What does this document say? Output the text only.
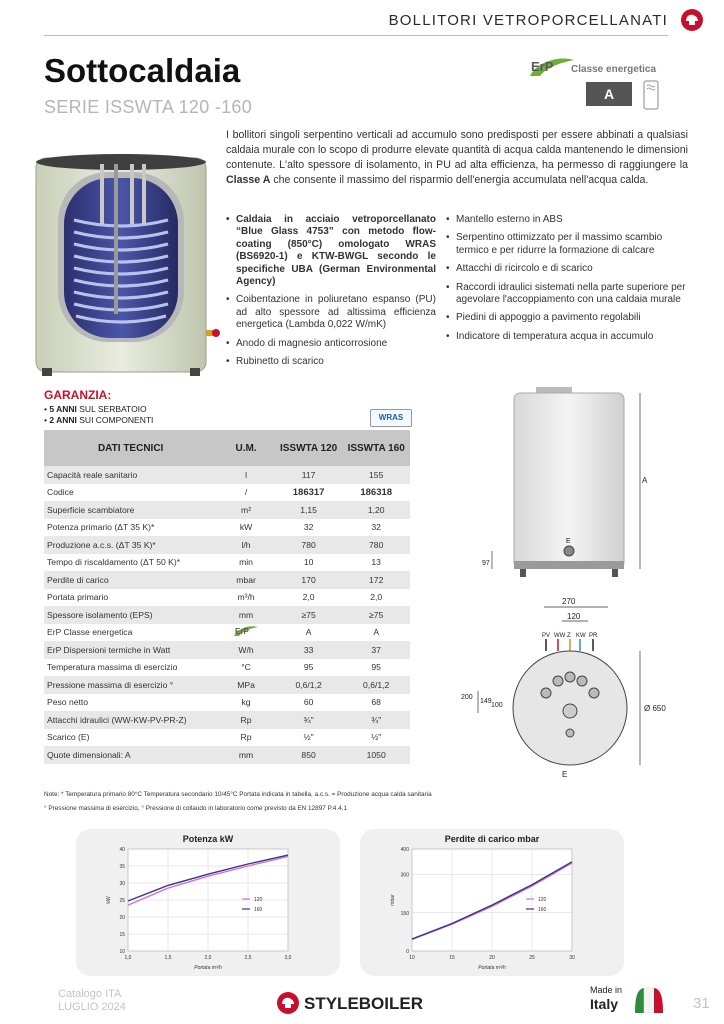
BOLLITORI VETROPORCELLANATI
Sottocaldaia
SERIE ISSWTA 120 -160
ErP Classe energetica
A
I bollitori singoli serpentino verticali ad accumulo sono predisposti per essere abbinati a qualsiasi caldaia murale con lo scopo di produrre elevate quantità di acqua calda mantenendo le dimensioni contenute. L'alto spessore di isolamento, in PU ad alta efficienza, ha permesso di raggiungere la Classe A che consente il massimo del risparmio dell'energia accumulata nell'acqua calda.
• Caldaia in acciaio vetroporcellanato “Blue Glass 4753” con metodo flow-coating (850°C) omologato WRAS (BS6920-1) e KTW-BWGL secondo le specifiche UBA (German Environmental Agency)
• Coibentazione in poliuretano espanso (PU) ad alto spessore ad altissima efficienza energetica (Lambda 0,022 W/mK)
• Anodo di magnesio anticorrosione
• Rubinetto di scarico
• Mantello esterno in ABS
• Serpentino ottimizzato per il massimo scambio termico e per ridurre la formazione di calcare
• Attacchi di ricircolo e di scarico
• Raccordi idraulici sistemati nella parte superiore per agevolare l'accoppiamento con una caldaia murale
• Piedini di appoggio a pavimento regolabili
• Indicatore di temperatura acqua in accumulo
GARANZIA:
• 5 ANNI SUL SERBATOIO
• 2 ANNI SUI COMPONENTI	WRAS
DATI TECNICI	U.M.	ISSWTA 120	ISSWTA 160
Capacità reale sanitario	l	117	155
Codice	/	186317	186318
Superficie scambiatore	m²	1,15	1,20
Potenza primario (ΔT 35 K)*	kW	32	32
Produzione a.c.s. (ΔT 35 K)*	l/h	780	780
Tempo di riscaldamento (ΔT 50 K)*	min	10	13
Perdite di carico	mbar	170	172
Portata primario	m³/h	2,0	2,0
Spessore isolamento (EPS)	mm	≥75	≥75
ErP Classe energetica	ErP	A	A
ErP Dispersioni termiche in Watt	W/h	33	37
Temperatura massima di esercizio	°C	95	95
Pressione massima di esercizio °	MPa	0,6/1,2	0,6/1,2
Peso netto	kg	60	68
Attacchi idraulici (WW-KW-PV-PR-Z)	Rp	¾"	¾"
Scarico (E)	Rp	½"	½"
Quote dimensionali: A	mm	850	1050
Note: * Temperatura primario 80°C Temperatura secondario 10/45°C Portata indicata in tabella, a.c.s. = Produzione acqua calda sanitaria
° Pressione massima di esercizio, ° Pressione di collaudo in laboratorio come previsto da EN 12897 P.4.4.1
E
A
97
270
120
PV WW Z KW PR
200
149
100	Ø 650
E
Potenza kW
10
15
20
25
30
35
40
1,0	1,5	2,0	2,5	3,0
Portata m³/h
kW	120
160
Perdite di carico mbar
0
150
300
400
10	15	20	25	30
Portata m³/h
mbar	120
160
Catalogo ITA
LUGLIO 2024	STYLEBOILER
Made in
Italy	31
